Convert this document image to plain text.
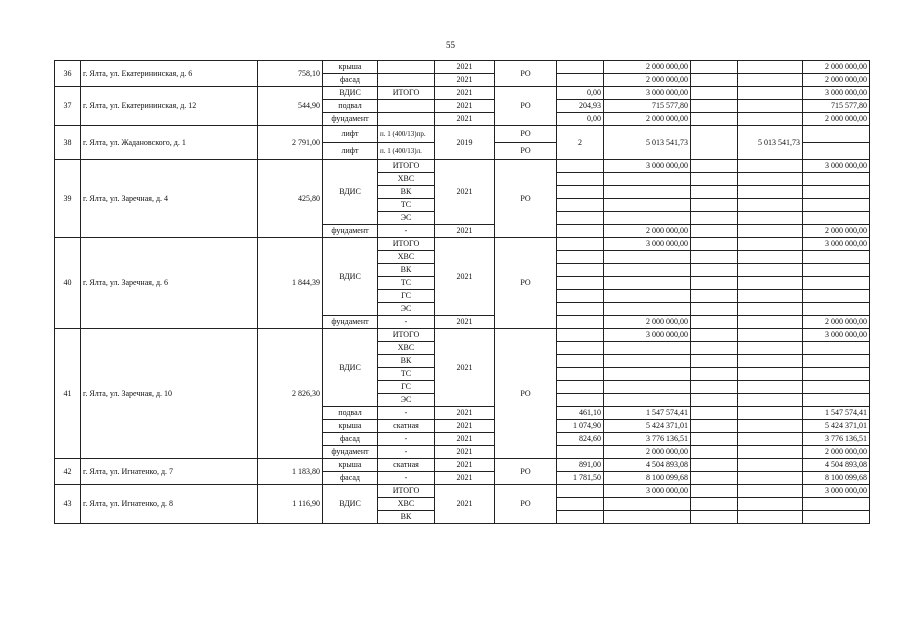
55
36	г. Ялта, ул. Екатерининская, д. 6	758,10	крыша		2021	РО		2 000 000,00			2 000 000,00
			фасад		2021			2 000 000,00			2 000 000,00
37	г. Ялта, ул. Екатерининская, д. 12	544,90	ВДИС	ИТОГО	2021	РО	0,00	3 000 000,00			3 000 000,00
			подвал		2021		204,93	715 577,80			715 577,80
			фундамент		2021		0,00	2 000 000,00			2 000 000,00
38	г. Ялта, ул. Жадановского, д. 1	2 791,00	лифт	п. 1 (400/13)пр.	2019	РО	2	5 013 541,73		5 013 541,73	
			лифт	п. 1 (400/13)л.		РО					
39	г. Ялта, ул. Заречная, д. 4	425,80	ВДИС	ИТОГО	2021	РО		3 000 000,00			3 000 000,00
				ХВС							
				ВК							
				ТС							
				ЭС							
			фундамент	-	2021			2 000 000,00			2 000 000,00
40	г. Ялта, ул. Заречная, д. 6	1 844,39	ВДИС	ИТОГО	2021	РО		3 000 000,00			3 000 000,00
				ХВС							
				ВК							
				ТС							
				ГС							
				ЭС							
			фундамент	-	2021			2 000 000,00			2 000 000,00
41	г. Ялта, ул. Заречная, д. 10	2 826,30	ВДИС	ИТОГО	2021	РО		3 000 000,00			3 000 000,00
				ХВС							
				ВК							
				ТС							
				ГС							
				ЭС							
			подвал	-	2021		461,10	1 547 574,41			1 547 574,41
			крыша	скатная	2021		1 074,90	5 424 371,01			5 424 371,01
			фасад	-	2021		824,60	3 776 136,51			3 776 136,51
			фундамент	-	2021			2 000 000,00			2 000 000,00
42	г. Ялта, ул. Игнатенко, д. 7	1 183,80	крыша	скатная	2021	РО	891,00	4 504 893,08			4 504 893,08
			фасад	-	2021		1 781,50	8 100 099,68			8 100 099,68
43	г. Ялта, ул. Игнатенко, д. 8	1 116,90	ВДИС	ИТОГО	2021	РО		3 000 000,00			3 000 000,00
				ХВС							
				ВК							
